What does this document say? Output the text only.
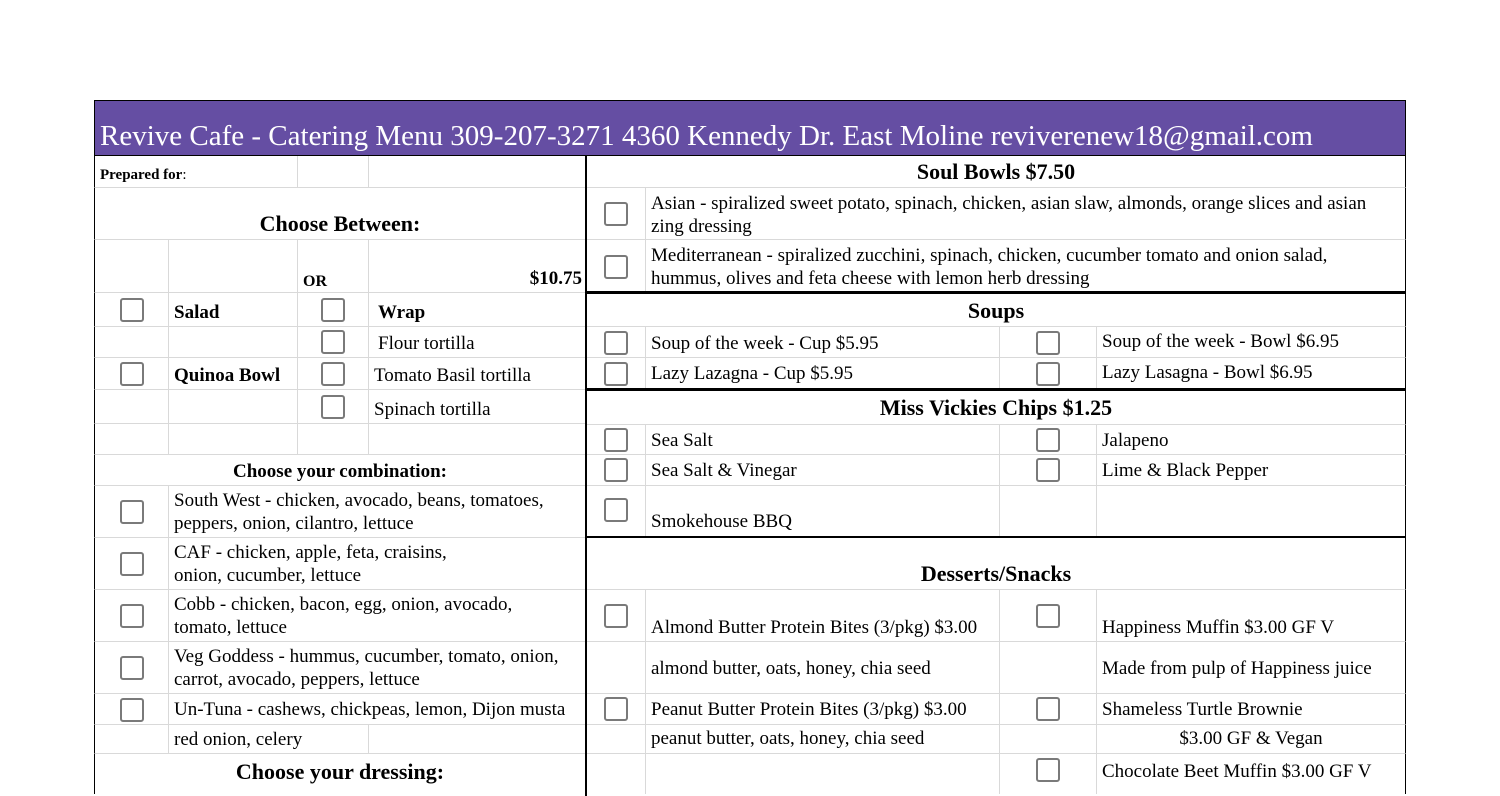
Revive Cafe - Catering Menu 309-207-3271 4360 Kennedy Dr. East Moline reviverenew18@gmail.com
Prepared for:
Choose Between:
OR	$10.75
Salad	Wrap
Flour tortilla
Quinoa Bowl	Tomato Basil tortilla
Spinach tortilla
Choose your combination:
South West - chicken, avocado, beans, tomatoes, peppers, onion, cilantro, lettuce
CAF - chicken, apple, feta, craisins, onion, cucumber, lettuce
Cobb - chicken, bacon, egg, onion, avocado, tomato, lettuce
Veg Goddess - hummus, cucumber, tomato, onion, carrot, avocado, peppers, lettuce
Un-Tuna - cashews, chickpeas, lemon, Dijon musta
red onion, celery
Choose your dressing:
Soul Bowls $7.50
Asian - spiralized sweet potato, spinach, chicken, asian slaw, almonds, orange slices and asian zing dressing
Mediterranean - spiralized zucchini, spinach, chicken, cucumber tomato and onion salad, hummus, olives and feta cheese with lemon herb dressing
Soups
Soup of the week - Cup $5.95	Soup of the week - Bowl $6.95
Lazy Lazagna - Cup $5.95	Lazy Lasagna - Bowl $6.95
Miss Vickies Chips $1.25
Sea Salt	Jalapeno
Sea Salt & Vinegar	Lime & Black Pepper
Smokehouse BBQ
Desserts/Snacks
Almond Butter Protein Bites (3/pkg) $3.00	Happiness Muffin $3.00 GF V
almond butter, oats, honey, chia seed	Made from pulp of Happiness juice
Peanut Butter Protein Bites (3/pkg) $3.00	Shameless Turtle Brownie
peanut butter, oats, honey, chia seed	$3.00 GF & Vegan
Chocolate Beet Muffin $3.00 GF V
